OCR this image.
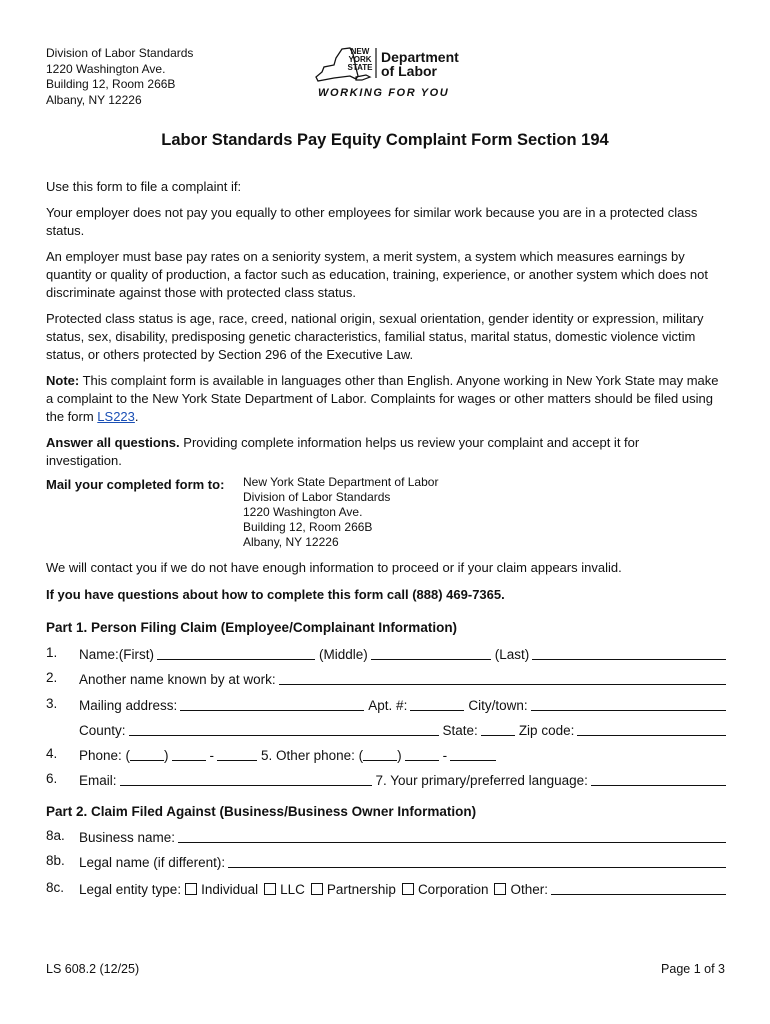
Division of Labor Standards
1220 Washington Ave.
Building 12, Room 266B
Albany, NY 12226
NEW
YORK
STATE
Department
of Labor
WORKING FOR YOU
Labor Standards Pay Equity Complaint Form Section 194
Use this form to file a complaint if:
Your employer does not pay you equally to other employees for similar work because you are in a protected class status.
An employer must base pay rates on a seniority system, a merit system, a system which measures earnings by quantity or quality of production, a factor such as education, training, experience, or another system which does not discriminate against those with protected class status.
Protected class status is age, race, creed, national origin, sexual orientation, gender identity or expression, military status, sex, disability, predisposing genetic characteristics, familial status, marital status, domestic violence victim status, or others protected by Section 296 of the Executive Law.
Note: This complaint form is available in languages other than English. Anyone working in New York State may make a complaint to the New York State Department of Labor. Complaints for wages or other matters should be filed using the form LS223.
Answer all questions. Providing complete information helps us review your complaint and accept it for investigation.
Mail your completed form to:	New York State Department of Labor
Division of Labor Standards
1220 Washington Ave.
Building 12, Room 266B
Albany, NY 12226
We will contact you if we do not have enough information to proceed or if your claim appears invalid.
If you have questions about how to complete this form call (888) 469-7365.
Part 1. Person Filing Claim (Employee/Complainant Information)
1. Name:(First)	(Middle)	(Last)
2. Another name known by at work:
3. Mailing address:	Apt. #:	City/town:
County:	State:	Zip code:
4. Phone: (	)	-	5. Other phone: (	)	-
6. Email:	7. Your primary/preferred language:
Part 2. Claim Filed Against (Business/Business Owner Information)
8a. Business name:
8b. Legal name (if different):
8c. Legal entity type:	Individual	LLC	Partnership	Corporation	Other:
LS 608.2 (12/25)	Page 1 of 3
